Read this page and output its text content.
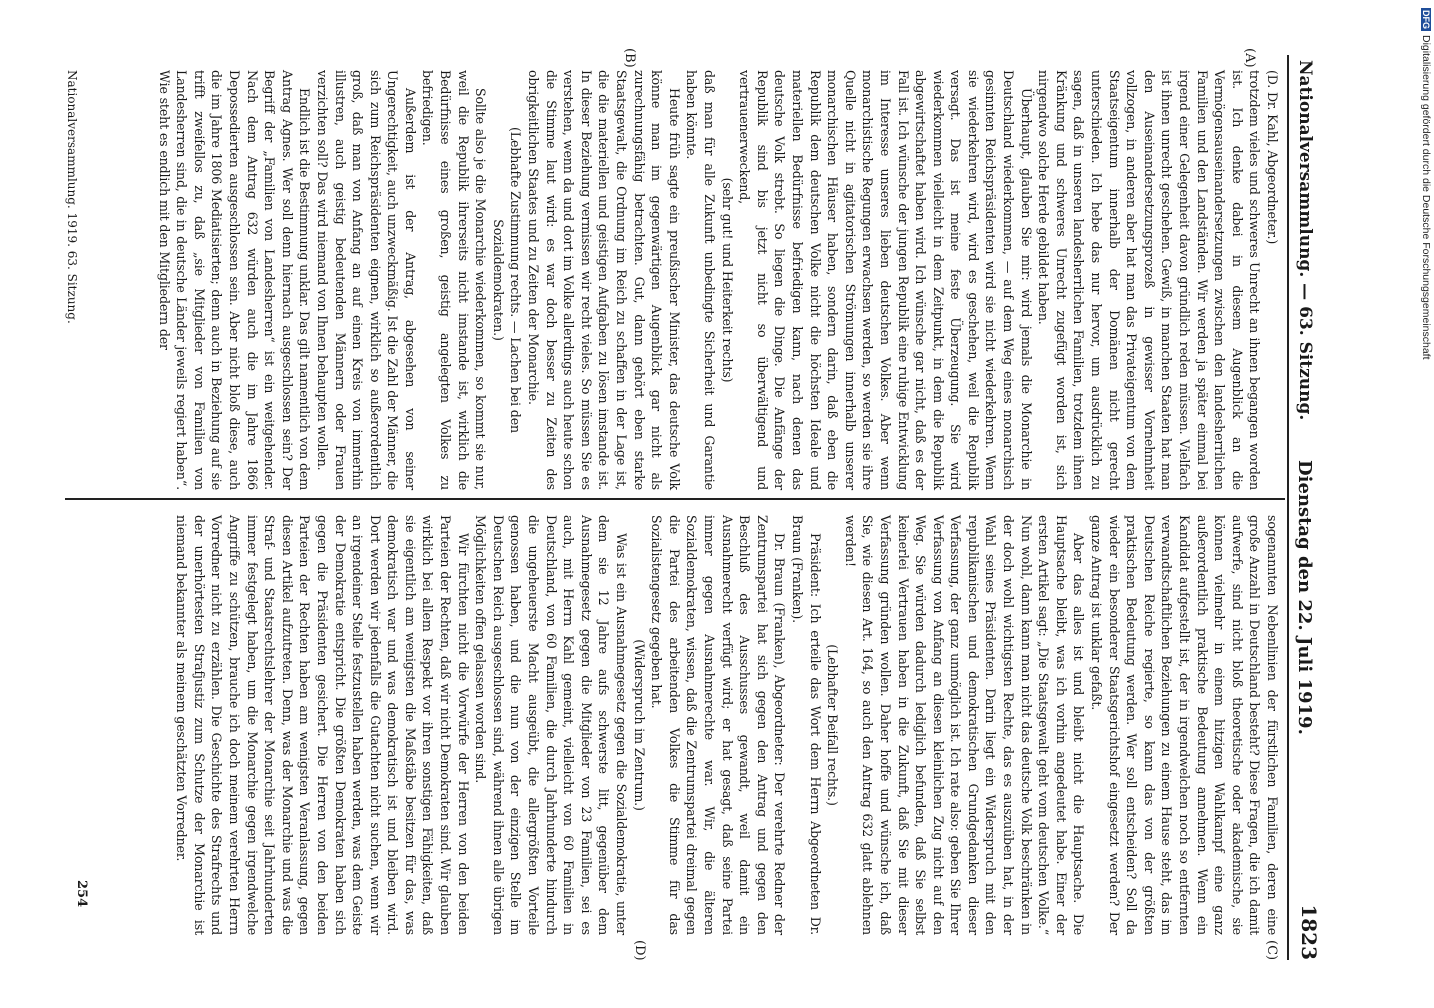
Nationalversammlung. — 63. Sitzung.
Dienstag den 22. Juli 1919.
1823
(A)
(B)
(C)
(D)

(D. Dr. Kahl, Abgeordneter.)

trotzdem vieles und schweres Unrecht an ihnen begangen worden ist. Ich denke dabei in diesem Augenblick an die Vermögensauseinandersetzungen zwischen den landesherrlichen Familien und den Landständen. Wir werden ja später einmal bei irgend einer Gelegenheit davon gründlich reden müssen. Vielfach ist ihnen unrecht geschehen. Gewiß, in manchen Staaten hat man den Auseinandersetzungsprozeß in gewisser Vornehmheit vollzogen, in anderen aber hat man das Privateigentum von dem Staatseigentum innerhalb der Domänen nicht gerecht unterschieden. Ich hebe das nur hervor, um ausdrücklich zu sagen, daß in unseren landesherrlichen Familien, trotzdem ihnen Kränkung und schweres Unrecht zugefügt worden ist, sich nirgendwo solche Herde gebildet haben.

Überhaupt, glauben Sie mir: wird jemals die Monarchie in Deutschland wiederkommen, — auf dem Weg eines monarchisch gesinnten Reichspräsidenten wird sie nicht wiederkehren. Wenn sie wiederkehren wird, wird es geschehen, weil die Republik versagt. Das ist meine feste Überzeugung. Sie wird wiederkommen vielleicht in dem Zeitpunkt, in dem die Republik abgewirtschaftet haben wird. Ich wünsche gar nicht, daß es der Fall ist. Ich wünsche der jungen Republik eine ruhige Entwicklung im Interesse unseres lieben deutschen Volkes. Aber wenn monarchistische Regungen erwachsen werden, so werden sie ihre Quelle nicht in agitatorischen Strömungen innerhalb unserer monarchischen Häuser haben, sondern darin, daß eben die Republik dem deutschen Volke nicht die höchsten Ideale und materiellen Bedürfnisse befriedigen kann, nach denen das deutsche Volk strebt. So liegen die Dinge. Die Anfänge der Republik sind bis jetzt nicht so überwältigend und vertrauenerweckend,

(sehr gut! und Heiterkeit rechts)

daß man für alle Zukunft unbedingte Sicherheit und Garantie haben könnte.

Heute früh sagte ein preußischer Minister, das deutsche Volk könne man im gegenwärtigen Augenblick gar nicht als zurechnungsfähig betrachten. Gut, dann gehört eben starke Staatsgewalt, die Ordnung im Reich zu schaffen in der Lage ist, die die materiellen und geistigen Aufgaben zu lösen imstande ist. In dieser Beziehung vermissen wir recht vieles. So müssen Sie es verstehen, wenn da und dort im Volke allerdings auch heute schon die Stimme laut wird: es war doch besser zu Zeiten des obrigkeitlichen Staates und zu Zeiten der Monarchie.

(Lebhafte Zustimmung rechts. — Lachen bei den Sozialdemokraten.)

Sollte also je die Monarchie wiederkommen, so kommt sie nur, weil die Republik ihrerseits nicht imstande ist, wirklich die Bedürfnisse eines großen, geistig angelegten Volkes zu befriedigen.

Außerdem ist der Antrag, abgesehen von seiner Ungerechtigkeit, auch unzweckmäßig. Ist die Zahl der Männer, die sich zum Reichspräsidenten eignen, wirklich so außerordentlich groß, daß man von Anfang an auf einen Kreis von immerhin illustren, auch geistig bedeutenden Männern oder Frauen verzichten soll? Das wird niemand von Ihnen behaupten wollen.

Endlich ist die Bestimmung unklar. Das gilt namentlich von dem Antrag Agnes. Wer soll denn hiernach ausgeschlossen sein? Der Begriff der „Familien von Landesherren“ ist ein weitgehender. Nach dem Antrag 632 würden auch die im Jahre 1866 Depossedierten ausgeschlossen sein. Aber nicht bloß diese, auch die im Jahre 1806 Mediatisierten; denn auch in Beziehung auf sie trifft zweifellos zu, daß „sie Mitglieder von Familien von Landesherren sind, die in deutsche Länder jeweils regiert haben“. Wie steht es endlich mit den Mitgliedern der

Nationalversammlung. 1919. 63. Sitzung.

sogenannten Nebenlinien der fürstlichen Familien, deren eine große Anzahl in Deutschland besteht? Diese Fragen, die ich damit aufwerfe, sind nicht bloß theoretische oder akademische, sie können vielmehr in einem hitzigen Wahlkampf eine ganz außerordentlich praktische Bedeutung annehmen. Wenn ein Kandidat aufgestellt ist, der in irgendwelchen noch so entfernten verwandtschaftlichen Beziehungen zu einem Hause steht, das im Deutschen Reiche regierte, so kann das von der größten praktischen Bedeutung werden. Wer soll entscheiden? Soll da wieder ein besonderer Staatsgerichtshof eingesetzt werden? Der ganze Antrag ist unklar gefaßt.

Aber das alles ist und bleibt nicht die Hauptsache. Die Hauptsache bleibt, was ich vorhin angedeutet habe. Einer der ersten Artikel sagt: „Die Staatsgewalt geht vom deutschen Volke.“ Nun wohl, dann kann man nicht das deutsche Volk beschränken in der doch wohl wichtigsten Rechte, das es auszuüben hat, in der Wahl seines Präsidenten. Darin liegt ein Widerspruch mit den republikanischen und demokratischen Grundgedanken dieser Verfassung, der ganz unmöglich ist. Ich rate also: geben Sie Ihrer Verfassung von Anfang an diesen kleinlichen Zug nicht auf den Weg. Sie würden dadurch lediglich befunden, daß Sie selbst keinerlei Vertrauen haben in die Zukunft, daß Sie mit dieser Verfassung gründen wollen. Daher hoffe und wünsche ich, daß Sie, wie diesen Art. 164, so auch den Antrag 632 glatt ablehnen werden!

(Lebhafter Beifall rechts.)

Präsident: Ich erteile das Wort dem Herrn Abgeordneten Dr. Braun (Franken).

Dr. Braun (Franken), Abgeordneter: Der verehrte Redner der Zentrumspartei hat sich gegen den Antrag und gegen den Beschluß des Ausschusses gewandt, weil damit ein Ausnahmerecht verfügt wird; er hat gesagt, daß seine Partei immer gegen Ausnahmerechte war. Wir, die älteren Sozialdemokraten, wissen, daß die Zentrumspartei dreimal gegen die Partei des arbeitenden Volkes die Stimme für das Sozialistengesetz gegeben hat.

(Widerspruch im Zentrum.)

Was ist ein Ausnahmegesetz gegen die Sozialdemokratie, unter dem sie 12 Jahre aufs schwerste litt, gegenüber dem Ausnahmegesetz gegen die Mitglieder von 23 Familien, sei es auch, mit Herrn Kahl gemeint, vielleicht von 60 Familien in Deutschland, von 60 Familien, die durch Jahrhunderte hindurch die ungeheuerste Macht ausgeübt, die allergrößten Vorteile genossen haben, und die nun von der einzigen Stelle im Deutschen Reich ausgeschlossen sind, während ihnen alle übrigen Möglichkeiten offen gelassen worden sind.

Wir fürchten nicht die Vorwürfe der Herren von den beiden Parteien der Rechten, daß wir nicht Demokraten sind. Wir glauben wirklich bei allem Respekt vor ihren sonstigen Fähigkeiten, daß sie eigentlich am wenigsten die Maßstäbe besitzen für das, was demokratisch war und was demokratisch ist und bleiben wird. Dort werden wir jedenfalls die Gutachten nicht suchen, wenn wir an irgendeiner Stelle festzustellen haben werden, was dem Geiste der Demokratie entspricht. Die größten Demokraten haben sich gegen die Präsidenten gesichert. Die Herren von den beiden Parteien der Rechten haben am wenigsten Veranlassung, gegen diesen Artikel aufzutreten. Denn, was der Monarchie und was die Straf- und Staatsrechtslehrer der Monarchie seit Jahrhunderten immer festgelegt haben, um die Monarchie gegen irgendwelche Angriffe zu schützen, brauche ich doch meinem verehrten Herrn Vorredner nicht zu erzählen. Die Geschichte des Strafrechts und der unerhörtesten Strafjustiz zum Schutze der Monarchie ist niemand bekannter als meinem geschätzten Vorredner.

254
DFGDigitalisierung gefördert durch die Deutsche Forschungsgemeinschaft
